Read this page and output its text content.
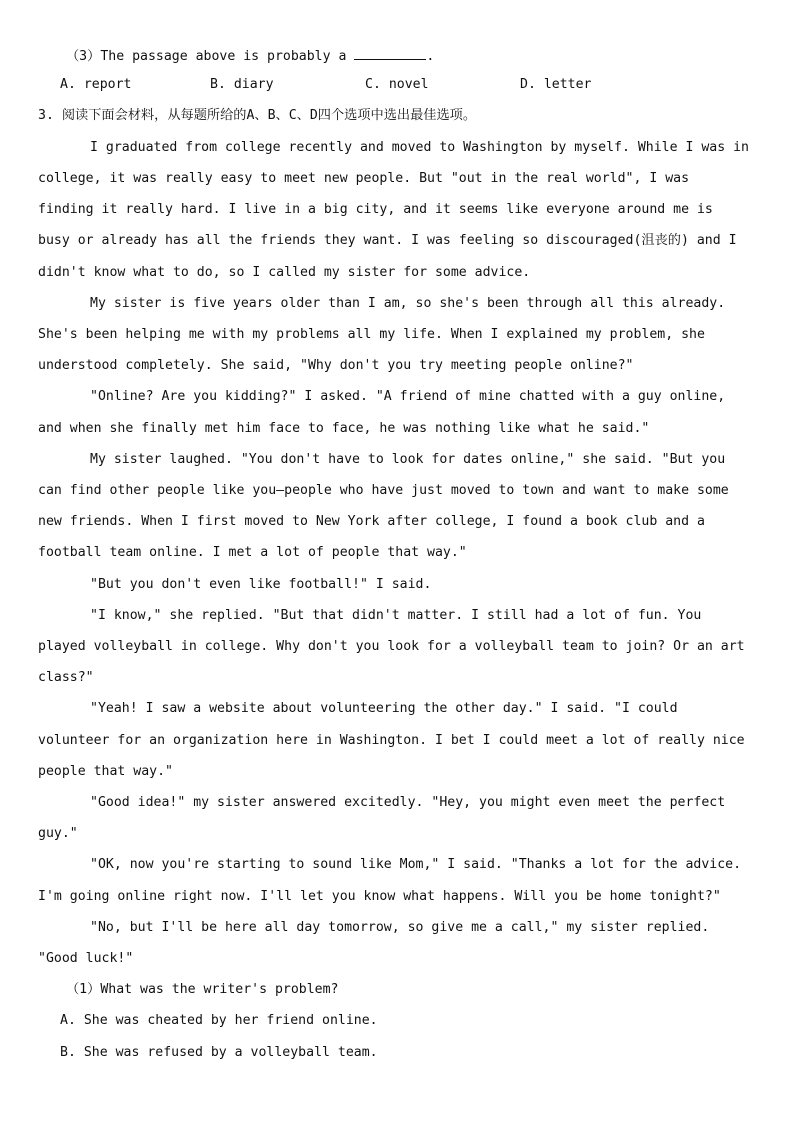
（3）The passage above is probably a	.
A. report	B. diary	C. novel	D. letter
3. 阅读下面会材料，从每题所给的A、B、C、D四个选项中选出最佳选项。
I graduated from college recently and moved to Washington by myself. While I was in
college, it was really easy to meet new people. But "out in the real world", I was
finding it really hard. I live in a big city, and it seems like everyone around me is
busy or already has all the friends they want. I was feeling so discouraged(沮丧的) and I
didn't know what to do, so I called my sister for some advice.
My sister is five years older than I am, so she's been through all this already.
She's been helping me with my problems all my life. When I explained my problem, she
understood completely. She said, "Why don't you try meeting people online?"
"Online? Are you kidding?" I asked. "A friend of mine chatted with a guy online,
and when she finally met him face to face, he was nothing like what he said."
My sister laughed. "You don't have to look for dates online," she said. "But you
can find other people like you—people who have just moved to town and want to make some
new friends. When I first moved to New York after college, I found a book club and a
football team online. I met a lot of people that way."
"But you don't even like football!" I said.
"I know," she replied. "But that didn't matter. I still had a lot of fun. You
played volleyball in college. Why don't you look for a volleyball team to join? Or an art
class?"
"Yeah! I saw a website about volunteering the other day." I said. "I could
volunteer for an organization here in Washington. I bet I could meet a lot of really nice
people that way."
"Good idea!" my sister answered excitedly. "Hey, you might even meet the perfect
guy."
"OK, now you're starting to sound like Mom," I said. "Thanks a lot for the advice.
I'm going online right now. I'll let you know what happens. Will you be home tonight?"
"No, but I'll be here all day tomorrow, so give me a call," my sister replied.
"Good luck!"
（1）What was the writer's problem?
A. She was cheated by her friend online.
B. She was refused by a volleyball team.
